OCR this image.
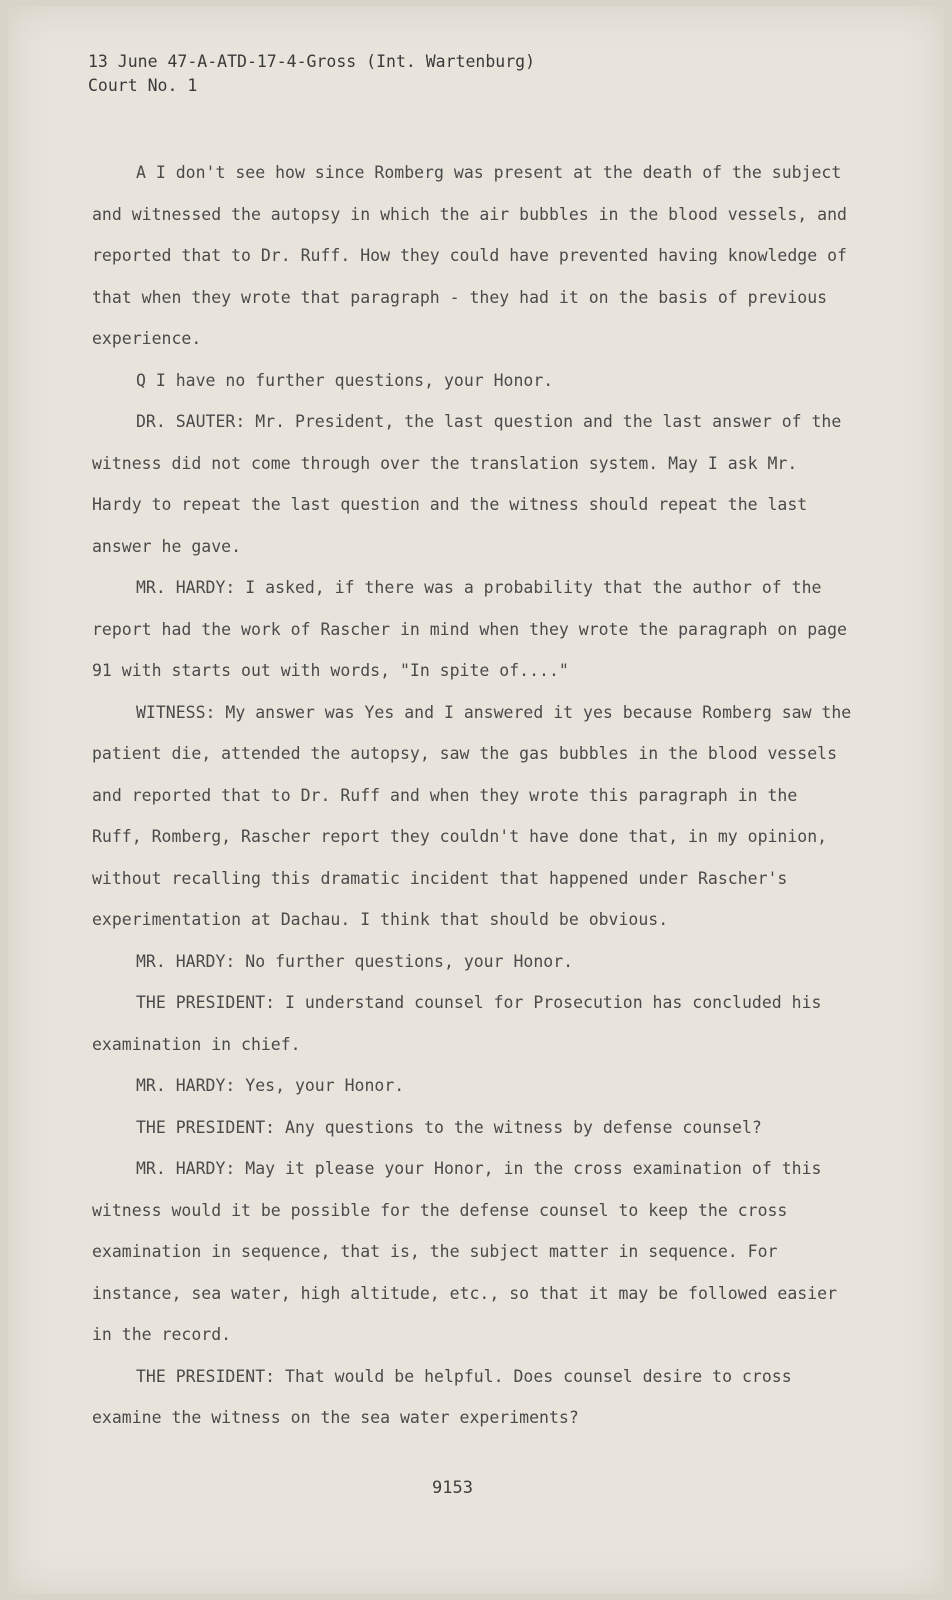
13 June 47-A-ATD-17-4-Gross (Int. Wartenburg)
Court No. 1

A I don't see how since Romberg was present at the death of the subject and witnessed the autopsy in which the air bubbles in the blood vessels, and reported that to Dr. Ruff. How they could have prevented having knowledge of that when they wrote that paragraph - they had it on the basis of previous experience.

Q I have no further questions, your Honor.

DR. SAUTER: Mr. President, the last question and the last answer of the witness did not come through over the translation system. May I ask Mr. Hardy to repeat the last question and the witness should repeat the last answer he gave.

MR. HARDY: I asked, if there was a probability that the author of the report had the work of Rascher in mind when they wrote the paragraph on page 91 with starts out with words, "In spite of...."

WITNESS: My answer was Yes and I answered it yes because Romberg saw the patient die, attended the autopsy, saw the gas bubbles in the blood vessels and reported that to Dr. Ruff and when they wrote this paragraph in the Ruff, Romberg, Rascher report they couldn't have done that, in my opinion, without recalling this dramatic incident that happened under Rascher's experimentation at Dachau. I think that should be obvious.

MR. HARDY: No further questions, your Honor.

THE PRESIDENT: I understand counsel for Prosecution has concluded his examination in chief.

MR. HARDY: Yes, your Honor.

THE PRESIDENT: Any questions to the witness by defense counsel?

MR. HARDY: May it please your Honor, in the cross examination of this witness would it be possible for the defense counsel to keep the cross examination in sequence, that is, the subject matter in sequence. For instance, sea water, high altitude, etc., so that it may be followed easier in the record.

THE PRESIDENT: That would be helpful. Does counsel desire to cross examine the witness on the sea water experiments?

9153
